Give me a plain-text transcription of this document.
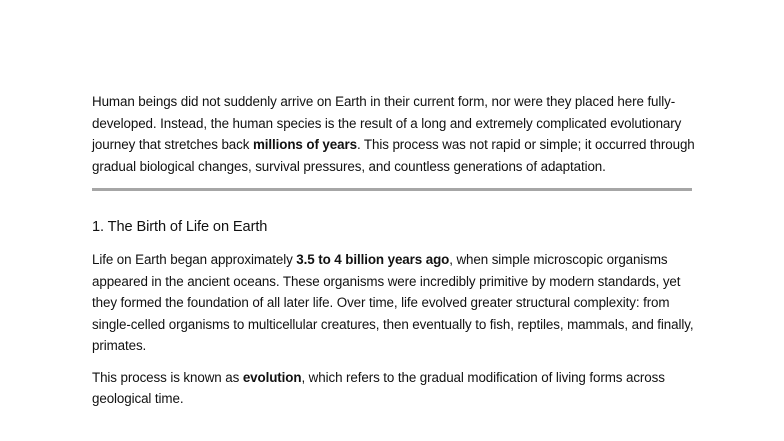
Human beings did not suddenly arrive on Earth in their current form, nor were they placed here fully-developed. Instead, the human species is the result of a long and extremely complicated evolutionary journey that stretches back millions of years. This process was not rapid or simple; it occurred through gradual biological changes, survival pressures, and countless generations of adaptation.

1. The Birth of Life on Earth

Life on Earth began approximately 3.5 to 4 billion years ago, when simple microscopic organisms appeared in the ancient oceans. These organisms were incredibly primitive by modern standards, yet they formed the foundation of all later life. Over time, life evolved greater structural complexity: from single-celled organisms to multicellular creatures, then eventually to fish, reptiles, mammals, and finally, primates.

This process is known as evolution, which refers to the gradual modification of living forms across geological time.
